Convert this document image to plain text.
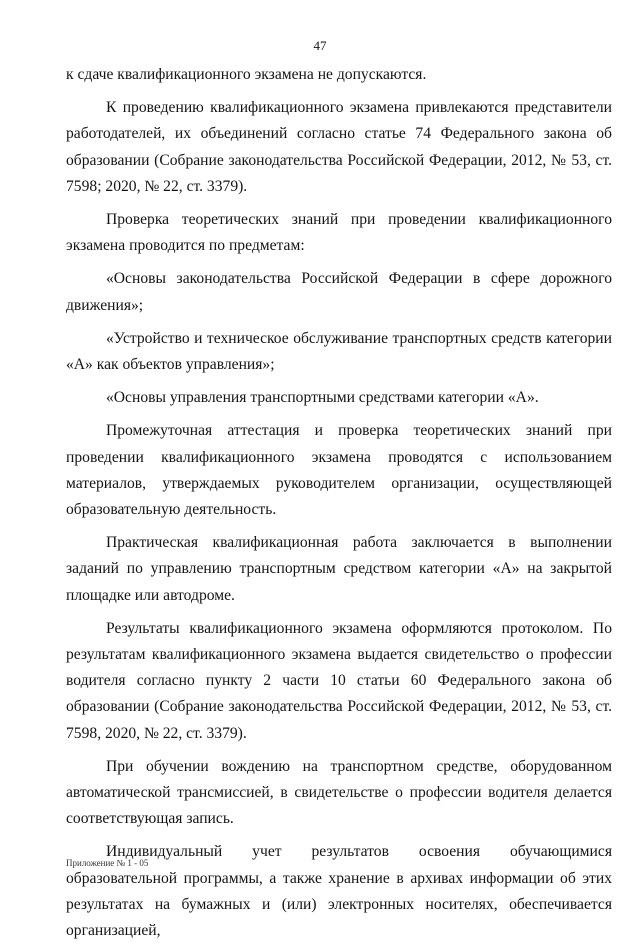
47

к сдаче квалификационного экзамена не допускаются.

К проведению квалификационного экзамена привлекаются представители работодателей, их объединений согласно статье 74 Федерального закона об образовании (Собрание законодательства Российской Федерации, 2012, № 53, ст. 7598; 2020, № 22, ст. 3379).

Проверка теоретических знаний при проведении квалификационного экзамена проводится по предметам:

«Основы законодательства Российской Федерации в сфере дорожного движения»;

«Устройство и техническое обслуживание транспортных средств категории «А» как объектов управления»;

«Основы управления транспортными средствами категории «А».

Промежуточная аттестация и проверка теоретических знаний при проведении квалификационного экзамена проводятся с использованием материалов, утверждаемых руководителем организации, осуществляющей образовательную деятельность.

Практическая квалификационная работа заключается в выполнении заданий по управлению транспортным средством категории «А» на закрытой площадке или автодроме.

Результаты квалификационного экзамена оформляются протоколом. По результатам квалификационного экзамена выдается свидетельство о профессии водителя согласно пункту 2 части 10 статьи 60 Федерального закона об образовании (Собрание законодательства Российской Федерации, 2012, № 53, ст. 7598, 2020, № 22, ст. 3379).

При обучении вождению на транспортном средстве, оборудованном автоматической трансмиссией, в свидетельстве о профессии водителя делается соответствующая запись.

Индивидуальный учет результатов освоения обучающимися образовательной программы, а также хранение в архивах информации об этих результатах на бумажных и (или) электронных носителях, обеспечивается организацией,

Приложение № 1 - 05
